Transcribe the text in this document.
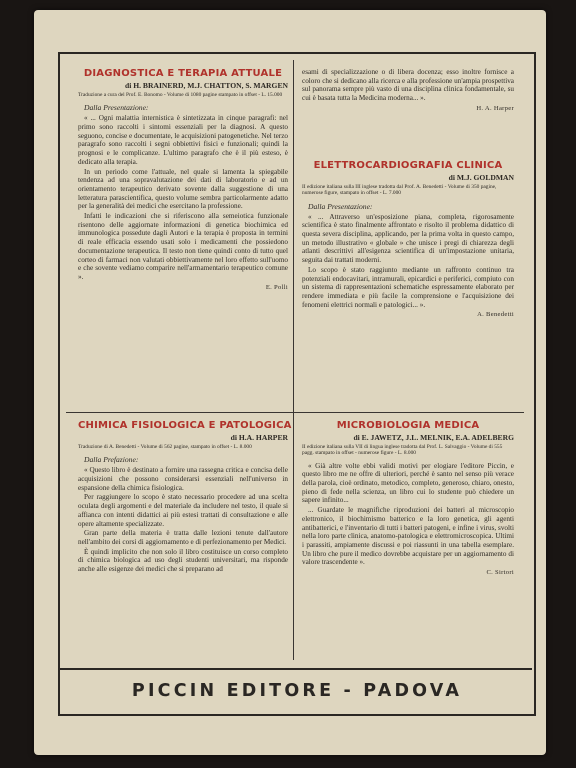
DIAGNOSTICA E TERAPIA ATTUALE
di H. BRAINERD, M.J. CHATTON, S. MARGEN
Traduzione a cura del Prof. E. Bonomo - Volume di 1080 pagine stampato in offset - L. 15.000
Dalla Presentazione:

« ... Ogni malattia internistica è sintetizzata in cinque paragrafi: nel primo sono raccolti i sintomi essenziali per la diagnosi. A questo seguono, concise e documentate, le acquisizioni patogenetiche. Nel terzo paragrafo sono raccolti i segni obbiettivi fisici e funzionali; quindi la prognosi e le complicanze. L'ultimo paragrafo che è il più esteso, è dedicato alla terapia.

In un periodo come l'attuale, nel quale si lamenta la spiegabile tendenza ad una sopravalutazione dei dati di laboratorio e ad un orientamento terapeutico derivato sovente dalla suggestione di una letteratura parascientifica, questo volume sembra particolarmente adatto per la generalità dei medici che esercitano la professione.

Infatti le indicazioni che si riferiscono alla semeiotica funzionale risentono delle aggiornate informazioni di genetica biochimica ed immunologica possedute dagli Autori e la terapia è proposta in termini di reale efficacia essendo usati solo i medicamenti che possiedono documentazione terapeutica. Il testo non tiene quindi conto di tutto quel corteo di farmaci non valutati obbiettivamente nel loro effetto sull'uomo e che sovente vediamo comparire nell'armamentario terapeutico comune ».

E. Polli

esami di specializzazione o di libera docenza; esso inoltre fornisce a coloro che si dedicano alla ricerca e alla professione un'ampia prospettiva sul panorama sempre più vasto di una disciplina clinica fondamentale, su cui è basata tutta la Medicina moderna... ».

H. A. Harper
ELETTROCARDIOGRAFIA CLINICA
di M.J. GOLDMAN
II edizione italiana sulla III inglese tradotta dal Prof. A. Benedetti - Volume di 350 pagine, numerose figure, stampato in offset - L. 7.000
Dalla Presentazione:

« ... Attraverso un'esposizione piana, completa, rigorosamente scientifica è stato finalmente affrontato e risolto il problema didattico di questa severa disciplina, applicando, per la prima volta in questo campo, un metodo illustrativo « globale » che unisce i pregi di chiarezza degli atlanti descrittivi all'esigenza scientifica di un'impostazione unitaria, seguita dai trattati moderni.

Lo scopo è stato raggiunto mediante un raffronto continuo tra potenziali endocavitari, intramurali, epicardici e periferici, compiuto con un sistema di rappresentazioni schematiche espressamente elaborato per rendere immediata e più facile la comprensione e l'acquisizione dei fenomeni elettrici normali e patologici... ».

A. Benedetti
CHIMICA FISIOLOGICA E PATOLOGICA
di H.A. HARPER
Traduzione di A. Benedetti - Volume di 562 pagine, stampato in offset - L. 8.000
Dalla Prefazione:

« Questo libro è destinato a fornire una rassegna critica e concisa delle acquisizioni che possono considerarsi essenziali nell'universo in espansione della chimica fisiologica.

Per raggiungere lo scopo è stato necessario procedere ad una scelta oculata degli argomenti e del materiale da includere nel testo, il quale si affianca con intenti didattici ai più estesi trattati di consultazione e alle opere altamente specializzate.

Gran parte della materia è tratta dalle lezioni tenute dall'autore nell'ambito dei corsi di aggiornamento e di perfezionamento per Medici.

È quindi implicito che non solo il libro costituisce un corso completo di chimica biologica ad uso degli studenti universitari, ma risponde anche alle esigenze dei medici che si preparano ad

MICROBIOLOGIA MEDICA
di E. JAWETZ, J.L. MELNIK, E.A. ADELBERG
II edizione italiana sulla VII di lingua inglese tradotta dal Prof. L. Salvaggio - Volume di 555 pagg. stampato in offset - numerose figure - L. 8.000

« Già altre volte ebbi validi motivi per elogiare l'editore Piccin, e questo libro me ne offre di ulteriori, perché è santo nel senso più verace della parola, cioè ordinato, metodico, completo, generoso, chiaro, onesto, pieno di fede nella scienza, un libro cui lo studente può chiedere un sapere infinito...

... Guardate le magnifiche riproduzioni dei batteri al microscopio elettronico, il biochimismo batterico e la loro genetica, gli agenti antibatterici, e l'inventario di tutti i batteri patogeni, e infine i virus, svolti nella loro parte clinica, anatomo-patologica e elettromicroscopica. Ultimi i parassiti, ampiamente discussi e poi riassunti in una tabella esemplare. Un libro che pure il medico dovrebbe acquistare per un aggiornamento di valore trascendente ».

C. Sirtori
PICCIN EDITORE - PADOVA
